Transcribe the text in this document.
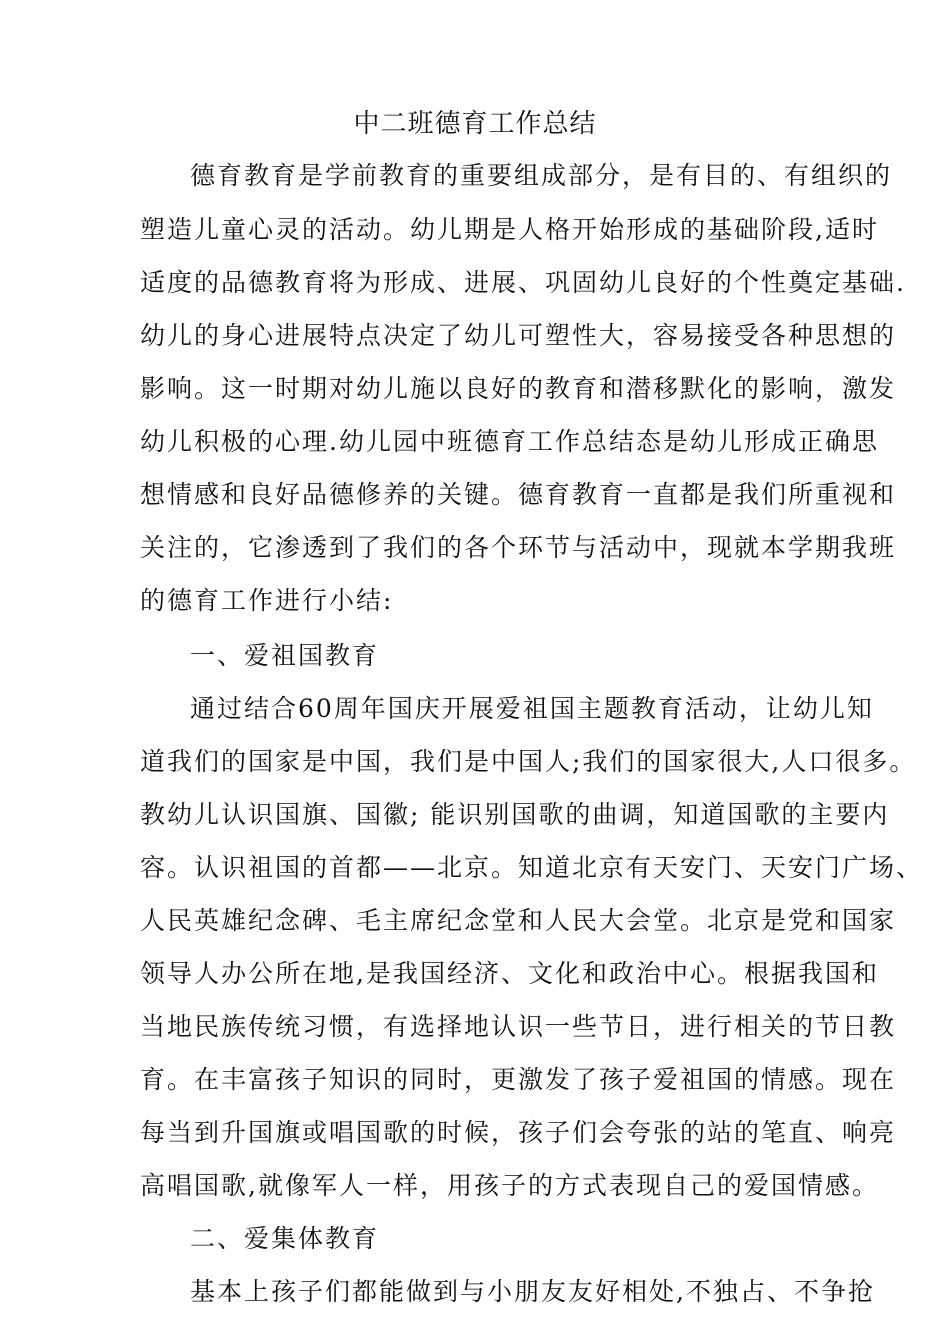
中二班德育工作总结
德育教育是学前教育的重要组成部分，是有目的、有组织的
塑造儿童心灵的活动。幼儿期是人格开始形成的基础阶段,适时
适度的品德教育将为形成、进展、巩固幼儿良好的个性奠定基础.
幼儿的身心进展特点决定了幼儿可塑性大，容易接受各种思想的
影响。这一时期对幼儿施以良好的教育和潜移默化的影响，激发
幼儿积极的心理.幼儿园中班德育工作总结态是幼儿形成正确思
想情感和良好品德修养的关键。德育教育一直都是我们所重视和
关注的，它渗透到了我们的各个环节与活动中，现就本学期我班
的德育工作进行小结:
一、爱祖国教育
通过结合60周年国庆开展爱祖国主题教育活动，让幼儿知
道我们的国家是中国，我们是中国人;我们的国家很大,人口很多。
教幼儿认识国旗、国徽; 能识别国歌的曲调，知道国歌的主要内
容。认识祖国的首都——北京。知道北京有天安门、天安门广场、
人民英雄纪念碑、毛主席纪念堂和人民大会堂。北京是党和国家
领导人办公所在地,是我国经济、文化和政治中心。根据我国和
当地民族传统习惯，有选择地认识一些节日，进行相关的节日教
育。在丰富孩子知识的同时，更激发了孩子爱祖国的情感。现在
每当到升国旗或唱国歌的时候，孩子们会夸张的站的笔直、响亮
高唱国歌,就像军人一样，用孩子的方式表现自己的爱国情感。
二、爱集体教育
基本上孩子们都能做到与小朋友友好相处,不独占、不争抢
